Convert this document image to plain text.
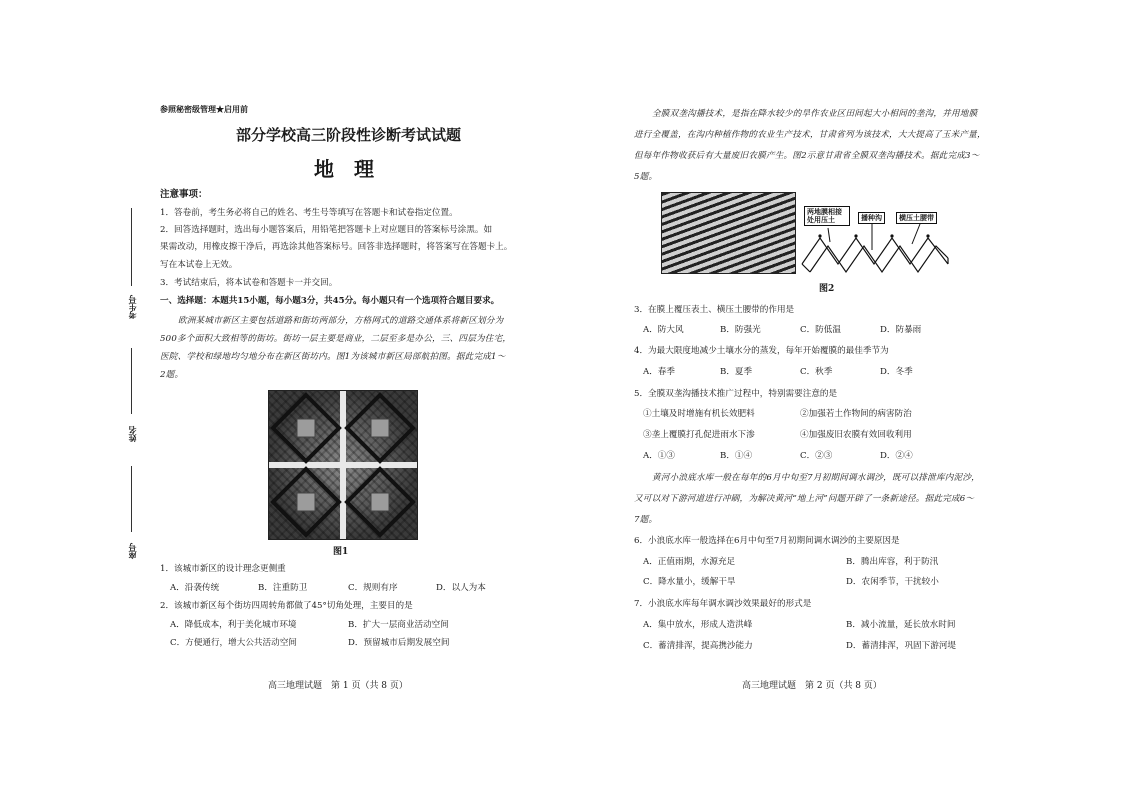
考生号
姓名
座号
参照秘密级管理★启用前
部分学校高三阶段性诊断考试试题
地　理
注意事项：
1．答卷前，考生务必将自己的姓名、考生号等填写在答题卡和试卷指定位置。
2．回答选择题时，选出每小题答案后，用铅笔把答题卡上对应题目的答案标号涂黑。如
果需改动，用橡皮擦干净后，再选涂其他答案标号。回答非选择题时，将答案写在答题卡上。
写在本试卷上无效。
3．考试结束后，将本试卷和答题卡一并交回。
一、选择题：本题共15小题，每小题3分，共45分。每小题只有一个选项符合题目要求。
欧洲某城市新区主要包括道路和街坊两部分，方格网式的道路交通体系将新区划分为
500多个面积大致相等的街坊。街坊一层主要是商业，二层至多是办公，三、四层为住宅，
医院、学校和绿地均匀地分布在新区街坊内。图1为该城市新区局部航拍图。据此完成1～
2题。
图1
1．该城市新区的设计理念更侧重
A．沿袭传统	B．注重防卫	C．规则有序	D．以人为本
2．该城市新区每个街坊四周转角都做了45°切角处理，主要目的是
A．降低成本，利于美化城市环境	B．扩大一层商业活动空间
C．方便通行，增大公共活动空间	D．预留城市后期发展空间
高三地理试题　第 1 页（共 8 页）
全膜双垄沟播技术，是指在降水较少的旱作农业区田间起大小相间的垄沟，并用地膜
进行全覆盖，在沟内种植作物的农业生产技术，甘肃省列为该技术，大大提高了玉米产量，
但每年作物收获后有大量废旧农膜产生。图2示意甘肃省全膜双垄沟播技术。据此完成3～
5题。
两地膜相接处用压土	播种沟	横压土腰带
图2
3．在膜上覆压表土、横压土腰带的作用是
A．防大风	B．防强光	C．防低温	D．防暴雨
4．为最大限度地减少土壤水分的蒸发，每年开始覆膜的最佳季节为
A．春季	B．夏季	C．秋季	D．冬季
5．全膜双垄沟播技术推广过程中，特别需要注意的是
①土壤及时增施有机长效肥料	②加强若土作物间的病害防治
③垄上覆膜打孔促进雨水下渗	④加强废旧农膜有效回收利用
A．①③	B．①④	C．②③	D．②④
黄河小浪底水库一般在每年的6月中旬至7月初期间调水调沙，既可以排泄库内泥沙，
又可以对下游河道进行冲刷，为解决黄河“地上河”问题开辟了一条新途径。据此完成6～
7题。
6．小浪底水库一般选择在6月中旬至7月初期间调水调沙的主要原因是
A．正值雨期，水源充足	B．腾出库容，利于防汛
C．降水量小，缓解干旱	D．农闲季节，干扰较小
7．小浪底水库每年调水调沙效果最好的形式是
A．集中放水，形成人造洪峰	B．减小流量，延长放水时间
C．蓄清排浑，提高携沙能力	D．蓄清排浑，巩固下游河堤
高三地理试题　第 2 页（共 8 页）
